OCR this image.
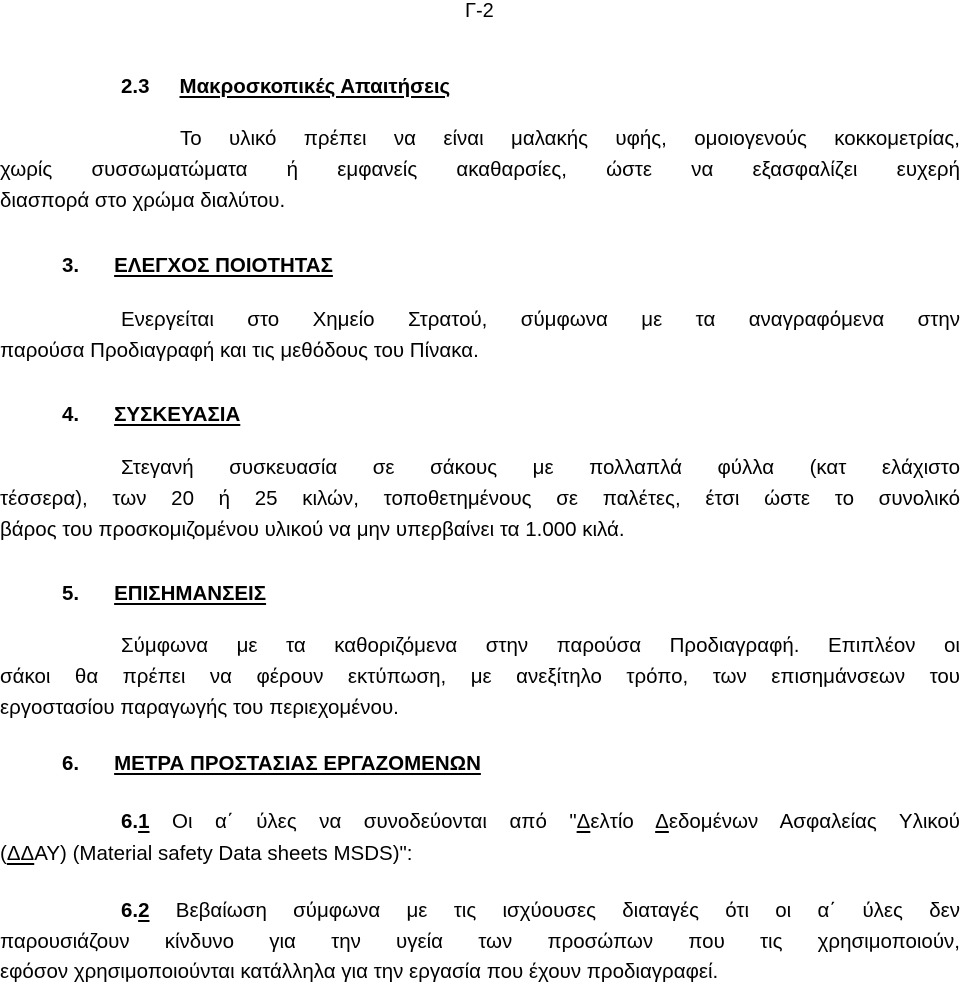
Γ-2
2.3 Μακροσκοπικές Απαιτήσεις
Το υλικό πρέπει να είναι μαλακής υφής, ομοιογενούς κοκκομετρίας,
χωρίς συσσωματώματα ή εμφανείς ακαθαρσίες, ώστε να εξασφαλίζει ευχερή
διασπορά στο χρώμα διαλύτου.
3. ΕΛΕΓΧΟΣ ΠΟΙΟΤΗΤΑΣ
Ενεργείται στο Χημείο Στρατού, σύμφωνα με τα αναγραφόμενα στην
παρούσα Προδιαγραφή και τις μεθόδους του Πίνακα.
4. ΣΥΣΚΕΥΑΣΙΑ
Στεγανή συσκευασία σε σάκους με πολλαπλά φύλλα (κατ ελάχιστο
τέσσερα), των 20 ή 25 κιλών, τοποθετημένους σε παλέτες, έτσι ώστε το συνολικό
βάρος του προσκομιζομένου υλικού να μην υπερβαίνει τα 1.000 κιλά.
5. ΕΠΙΣΗΜΑΝΣΕΙΣ
Σύμφωνα με τα καθοριζόμενα στην παρούσα Προδιαγραφή. Επιπλέον οι
σάκοι θα πρέπει να φέρουν εκτύπωση, με ανεξίτηλο τρόπο, των επισημάνσεων του
εργοστασίου παραγωγής του περιεχομένου.
6. ΜΕΤΡΑ ΠΡΟΣΤΑΣΙΑΣ ΕΡΓΑΖΟΜΕΝΩΝ
6.1 Οι α΄ ύλες να συνοδεύονται από "Δελτίο Δεδομένων Ασφαλείας Υλικού
(ΔΔΑΥ) (Material safety Data sheets MSDS)":
6.2 Βεβαίωση σύμφωνα με τις ισχύουσες διαταγές ότι οι α΄ ύλες δεν
παρουσιάζουν κίνδυνο για την υγεία των προσώπων που τις χρησιμοποιούν,
εφόσον χρησιμοποιούνται κατάλληλα για την εργασία που έχουν προδιαγραφεί.
